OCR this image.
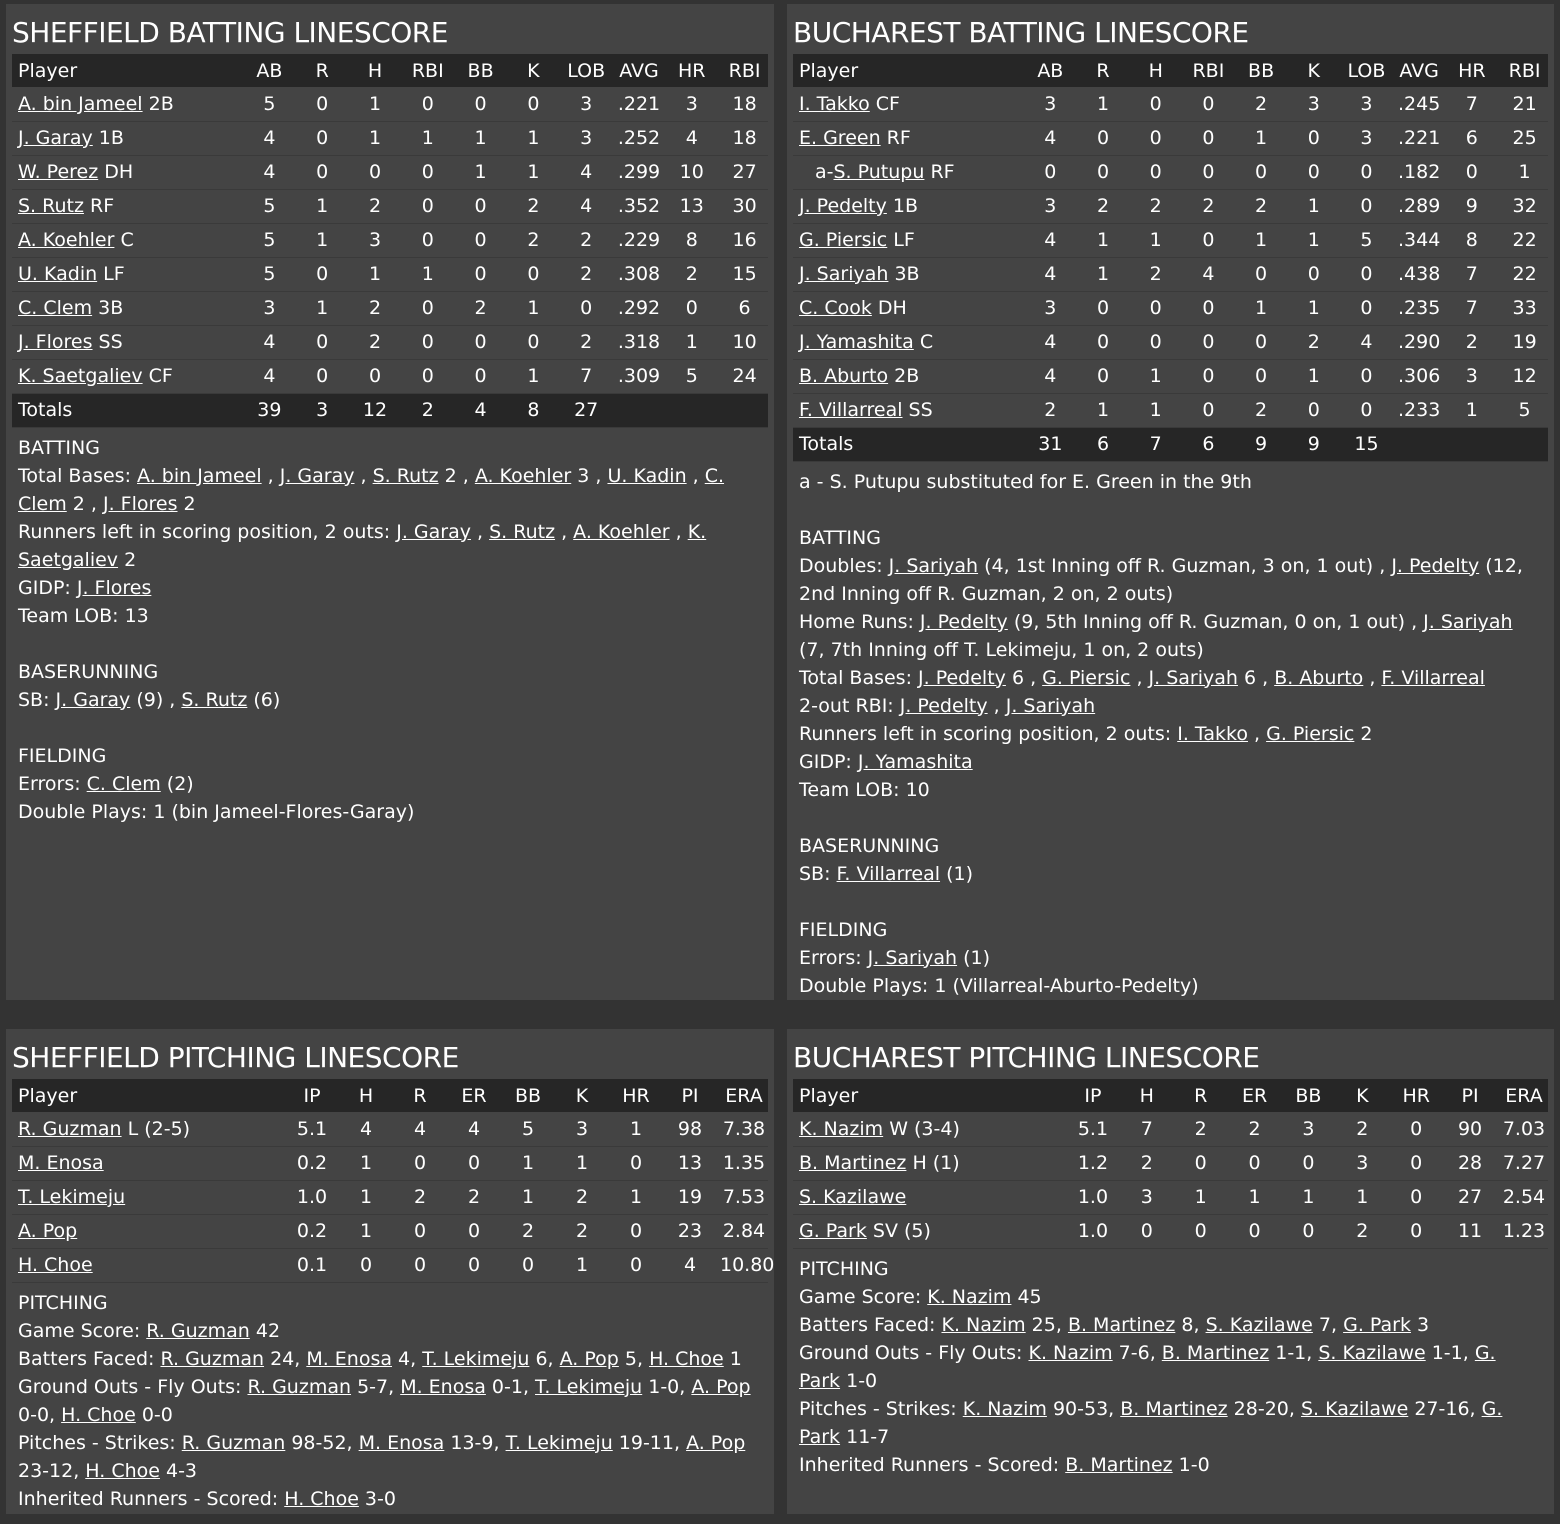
SHEFFIELD BATTING LINESCORE
Player	AB	R	H	RBI	BB	K	LOB	AVG	HR	RBI
A. bin Jameel 2B	5	0	1	0	0	0	3	.221	3	18
J. Garay 1B	4	0	1	1	1	1	3	.252	4	18
W. Perez DH	4	0	0	0	1	1	4	.299	10	27
S. Rutz RF	5	1	2	0	0	2	4	.352	13	30
A. Koehler C	5	1	3	0	0	2	2	.229	8	16
U. Kadin LF	5	0	1	1	0	0	2	.308	2	15
C. Clem 3B	3	1	2	0	2	1	0	.292	0	6
J. Flores SS	4	0	2	0	0	0	2	.318	1	10
K. Saetgaliev CF	4	0	0	0	0	1	7	.309	5	24
Totals	39	3	12	2	4	8	27			
BATTING
Total Bases: A. bin Jameel , J. Garay , S. Rutz 2 , A. Koehler 3 , U. Kadin , C. Clem 2 , J. Flores 2
Runners left in scoring position, 2 outs: J. Garay , S. Rutz , A. Koehler , K. Saetgaliev 2
GIDP: J. Flores
Team LOB: 13
BASERUNNING
SB: J. Garay (9) , S. Rutz (6)
FIELDING
Errors: C. Clem (2)
Double Plays: 1 (bin Jameel-Flores-Garay)
BUCHAREST BATTING LINESCORE
Player	AB	R	H	RBI	BB	K	LOB	AVG	HR	RBI
I. Takko CF	3	1	0	0	2	3	3	.245	7	21
E. Green RF	4	0	0	0	1	0	3	.221	6	25
a-S. Putupu RF	0	0	0	0	0	0	0	.182	0	1
J. Pedelty 1B	3	2	2	2	2	1	0	.289	9	32
G. Piersic LF	4	1	1	0	1	1	5	.344	8	22
J. Sariyah 3B	4	1	2	4	0	0	0	.438	7	22
C. Cook DH	3	0	0	0	1	1	0	.235	7	33
J. Yamashita C	4	0	0	0	0	2	4	.290	2	19
B. Aburto 2B	4	0	1	0	0	1	0	.306	3	12
F. Villarreal SS	2	1	1	0	2	0	0	.233	1	5
Totals	31	6	7	6	9	9	15			
a - S. Putupu substituted for E. Green in the 9th
BATTING
Doubles: J. Sariyah (4, 1st Inning off R. Guzman, 3 on, 1 out) , J. Pedelty (12, 2nd Inning off R. Guzman, 2 on, 2 outs)
Home Runs: J. Pedelty (9, 5th Inning off R. Guzman, 0 on, 1 out) , J. Sariyah (7, 7th Inning off T. Lekimeju, 1 on, 2 outs)
Total Bases: J. Pedelty 6 , G. Piersic , J. Sariyah 6 , B. Aburto , F. Villarreal
2-out RBI: J. Pedelty , J. Sariyah
Runners left in scoring position, 2 outs: I. Takko , G. Piersic 2
GIDP: J. Yamashita
Team LOB: 10
BASERUNNING
SB: F. Villarreal (1)
FIELDING
Errors: J. Sariyah (1)
Double Plays: 1 (Villarreal-Aburto-Pedelty)
SHEFFIELD PITCHING LINESCORE
Player	IP	H	R	ER	BB	K	HR	PI	ERA
R. Guzman L (2-5)	5.1	4	4	4	5	3	1	98	7.38
M. Enosa	0.2	1	0	0	1	1	0	13	1.35
T. Lekimeju	1.0	1	2	2	1	2	1	19	7.53
A. Pop	0.2	1	0	0	2	2	0	23	2.84
H. Choe	0.1	0	0	0	0	1	0	4	10.80
PITCHING
Game Score: R. Guzman 42
Batters Faced: R. Guzman 24, M. Enosa 4, T. Lekimeju 6, A. Pop 5, H. Choe 1
Ground Outs - Fly Outs: R. Guzman 5-7, M. Enosa 0-1, T. Lekimeju 1-0, A. Pop 0-0, H. Choe 0-0
Pitches - Strikes: R. Guzman 98-52, M. Enosa 13-9, T. Lekimeju 19-11, A. Pop 23-12, H. Choe 4-3
Inherited Runners - Scored: H. Choe 3-0
BUCHAREST PITCHING LINESCORE
Player	IP	H	R	ER	BB	K	HR	PI	ERA
K. Nazim W (3-4)	5.1	7	2	2	3	2	0	90	7.03
B. Martinez H (1)	1.2	2	0	0	0	3	0	28	7.27
S. Kazilawe	1.0	3	1	1	1	1	0	27	2.54
G. Park SV (5)	1.0	0	0	0	0	2	0	11	1.23
PITCHING
Game Score: K. Nazim 45
Batters Faced: K. Nazim 25, B. Martinez 8, S. Kazilawe 7, G. Park 3
Ground Outs - Fly Outs: K. Nazim 7-6, B. Martinez 1-1, S. Kazilawe 1-1, G. Park 1-0
Pitches - Strikes: K. Nazim 90-53, B. Martinez 28-20, S. Kazilawe 27-16, G. Park 11-7
Inherited Runners - Scored: B. Martinez 1-0
